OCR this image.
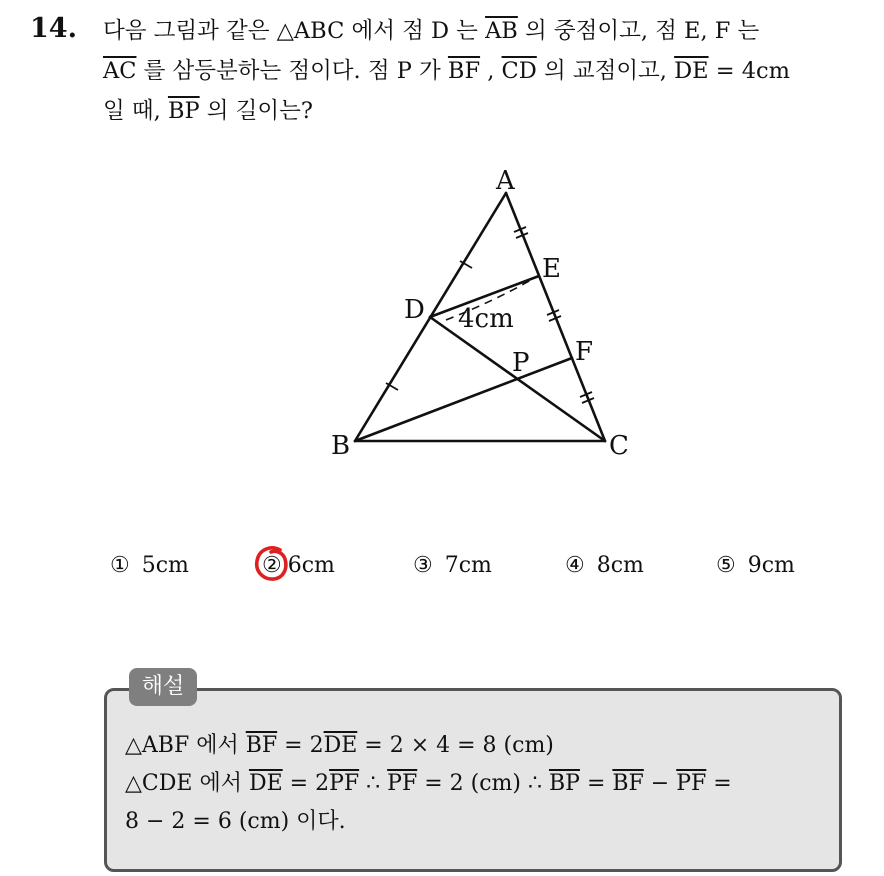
14. 다음 그림과 같은 △ABC 에서 점 D 는 $\overline{AB}$ 의 중점이고, 점 E, F 는
$\overline{AC}$ 를 삼등분하는 점이다. 점 P 가 $\overline{BF}$ , $\overline{CD}$ 의 교점이고, $\overline{DE} = 4cm$
일 때, $\overline{BP}$ 의 길이는?
A
B	C
D
E
F
P
4cm
① 5cm	② 6cm	③ 7cm	④ 8cm	⑤ 9cm
해설
△ABF 에서 $\overline{BF} = 2\overline{DE} = 2 \times 4 = 8$ (cm)
△CDE 에서 $\overline{DE} = 2\overline{PF}$ ∴ $\overline{PF} = 2$ (cm) ∴ $\overline{BP} = \overline{BF} - \overline{PF}$ =
8 − 2 = 6 (cm) 이다.
